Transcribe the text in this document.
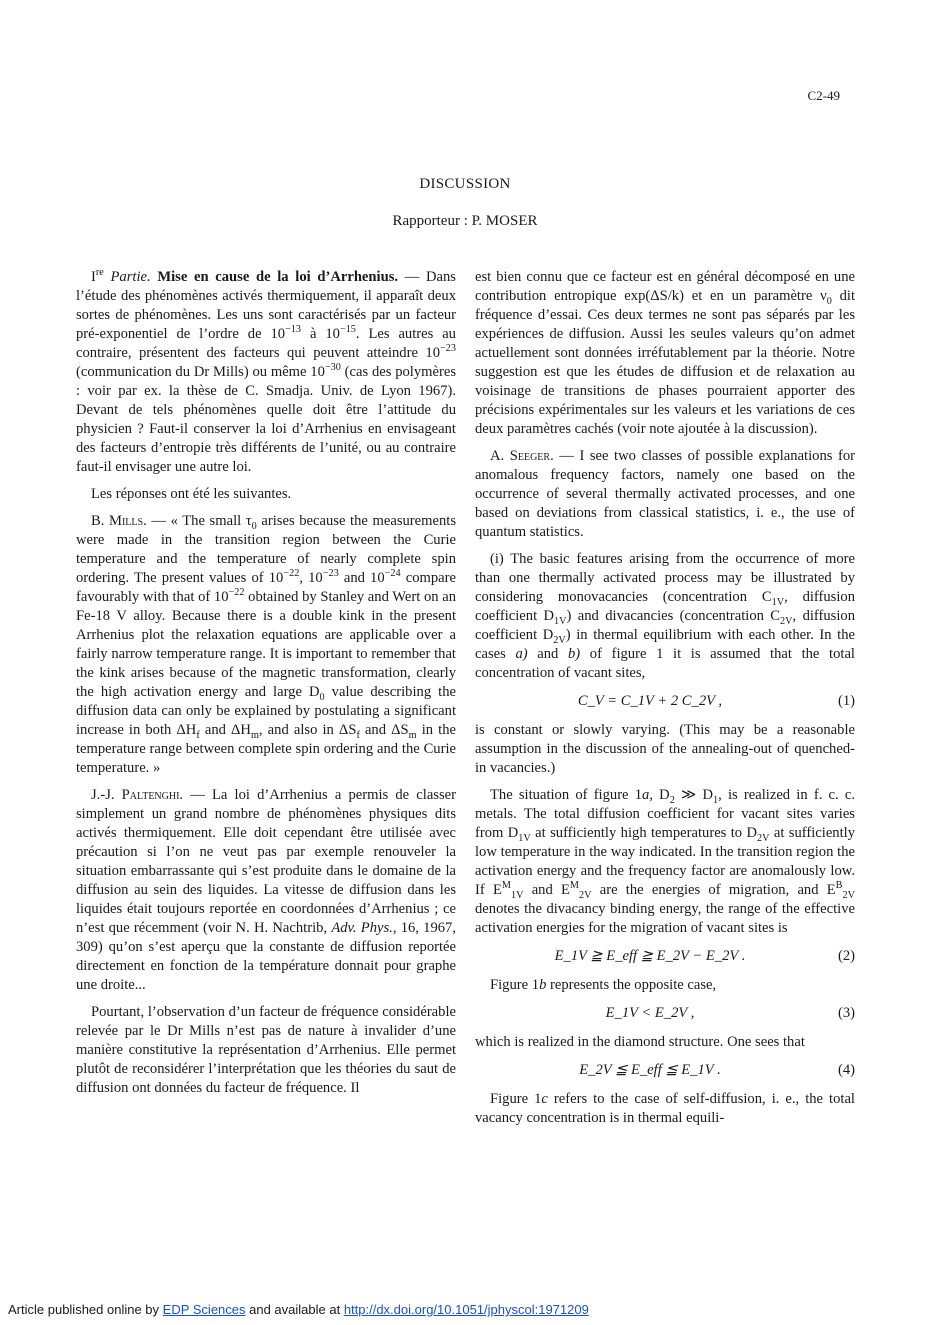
C2-49
DISCUSSION
Rapporteur : P. MOSER

Ire Partie. Mise en cause de la loi d’Arrhenius. — Dans l’étude des phénomènes activés thermiquement, il apparaît deux sortes de phénomènes. Les uns sont caractérisés par un facteur pré-exponentiel de l’ordre de $10^{-13}$ à $10^{-15}$. Les autres au contraire, présentent des facteurs qui peuvent atteindre $10^{-23}$ (communication du Dr Mills) ou même $10^{-30}$ (cas des polymères : voir par ex. la thèse de C. Smadja. Univ. de Lyon 1967). Devant de tels phénomènes quelle doit être l’attitude du physicien ? Faut-il conserver la loi d’Arrhenius en envisageant des facteurs d’entropie très différents de l’unité, ou au contraire faut-il envisager une autre loi.

Les réponses ont été les suivantes.

B. Mills. — « The small $\tau_0$ arises because the measurements were made in the transition region between the Curie temperature and the temperature of nearly complete spin ordering. The present values of $10^{-22}$, $10^{-23}$ and $10^{-24}$ compare favourably with that of $10^{-22}$ obtained by Stanley and Wert on an Fe-18 V alloy. Because there is a double kink in the present Arrhenius plot the relaxation equations are applicable over a fairly narrow temperature range. It is important to remember that the kink arises because of the magnetic transformation, clearly the high activation energy and large $D_0$ value describing the diffusion data can only be explained by postulating a significant increase in both $\Delta H_f$ and $\Delta H_m$, and also in $\Delta S_f$ and $\Delta S_m$ in the temperature range between complete spin ordering and the Curie temperature. »

J.-J. Paltenghi. — La loi d’Arrhenius a permis de classer simplement un grand nombre de phénomènes physiques dits activés thermiquement. Elle doit cependant être utilisée avec précaution si l’on ne veut pas par exemple renouveler la situation embarrassante qui s’est produite dans le domaine de la diffusion au sein des liquides. La vitesse de diffusion dans les liquides était toujours reportée en coordonnées d’Arrhenius ; ce n’est que récemment (voir N. H. Nachtrib, Adv. Phys., 16, 1967, 309) qu’on s’est aperçu que la constante de diffusion reportée directement en fonction de la température donnait pour graphe une droite...

Pourtant, l’observation d’un facteur de fréquence considérable relevée par le Dr Mills n’est pas de nature à invalider d’une manière constitutive la représentation d’Arrhenius. Elle permet plutôt de reconsidérer l’interprétation que les théories du saut de diffusion ont données du facteur de fréquence. Il

est bien connu que ce facteur est en général décomposé en une contribution entropique exp(ΔS/k) et en un paramètre $\nu_0$ dit fréquence d’essai. Ces deux termes ne sont pas séparés par les expériences de diffusion. Aussi les seules valeurs qu’on admet actuellement sont données irréfutablement par la théorie. Notre suggestion est que les études de diffusion et de relaxation au voisinage de transitions de phases pourraient apporter des précisions expérimentales sur les valeurs et les variations de ces deux paramètres cachés (voir note ajoutée à la discussion).

A. Seeger. — I see two classes of possible explanations for anomalous frequency factors, namely one based on the occurrence of several thermally activated processes, and one based on deviations from classical statistics, i. e., the use of quantum statistics.

(i) The basic features arising from the occurrence of more than one thermally activated process may be illustrated by considering monovacancies (concentration $C_{1V}$, diffusion coefficient $D_{1V}$) and divacancies (concentration $C_{2V}$, diffusion coefficient $D_{2V}$) in thermal equilibrium with each other. In the cases a) and b) of figure 1 it is assumed that the total concentration of vacant sites,

C_V = C_1V + 2 C_2V ,	(1)

is constant or slowly varying. (This may be a reasonable assumption in the discussion of the annealing-out of quenched-in vacancies.)

The situation of figure 1a, $D_2$ ≫ $D_1$, is realized in f. c. c. metals. The total diffusion coefficient for vacant sites varies from $D_{1V}$ at sufficiently high temperatures to $D_{2V}$ at sufficiently low temperature in the way indicated. In the transition region the activation energy and the frequency factor are anomalously low. If $E^M_{1V}$ and $E^M_{2V}$ are the energies of migration, and $E^B_{2V}$ denotes the divacancy binding energy, the range of the effective activation energies for the migration of vacant sites is

E_1V ≧ E_eff ≧ E_2V − E_2V .	(2)

Figure 1b represents the opposite case,

E_1V < E_2V ,	(3)

which is realized in the diamond structure. One sees that

E_2V ≦ E_eff ≦ E_1V .	(4)

Figure 1c refers to the case of self-diffusion, i. e., the total vacancy concentration is in thermal equili-

Article published online by EDP Sciences and available at http://dx.doi.org/10.1051/jphyscol:1971209
